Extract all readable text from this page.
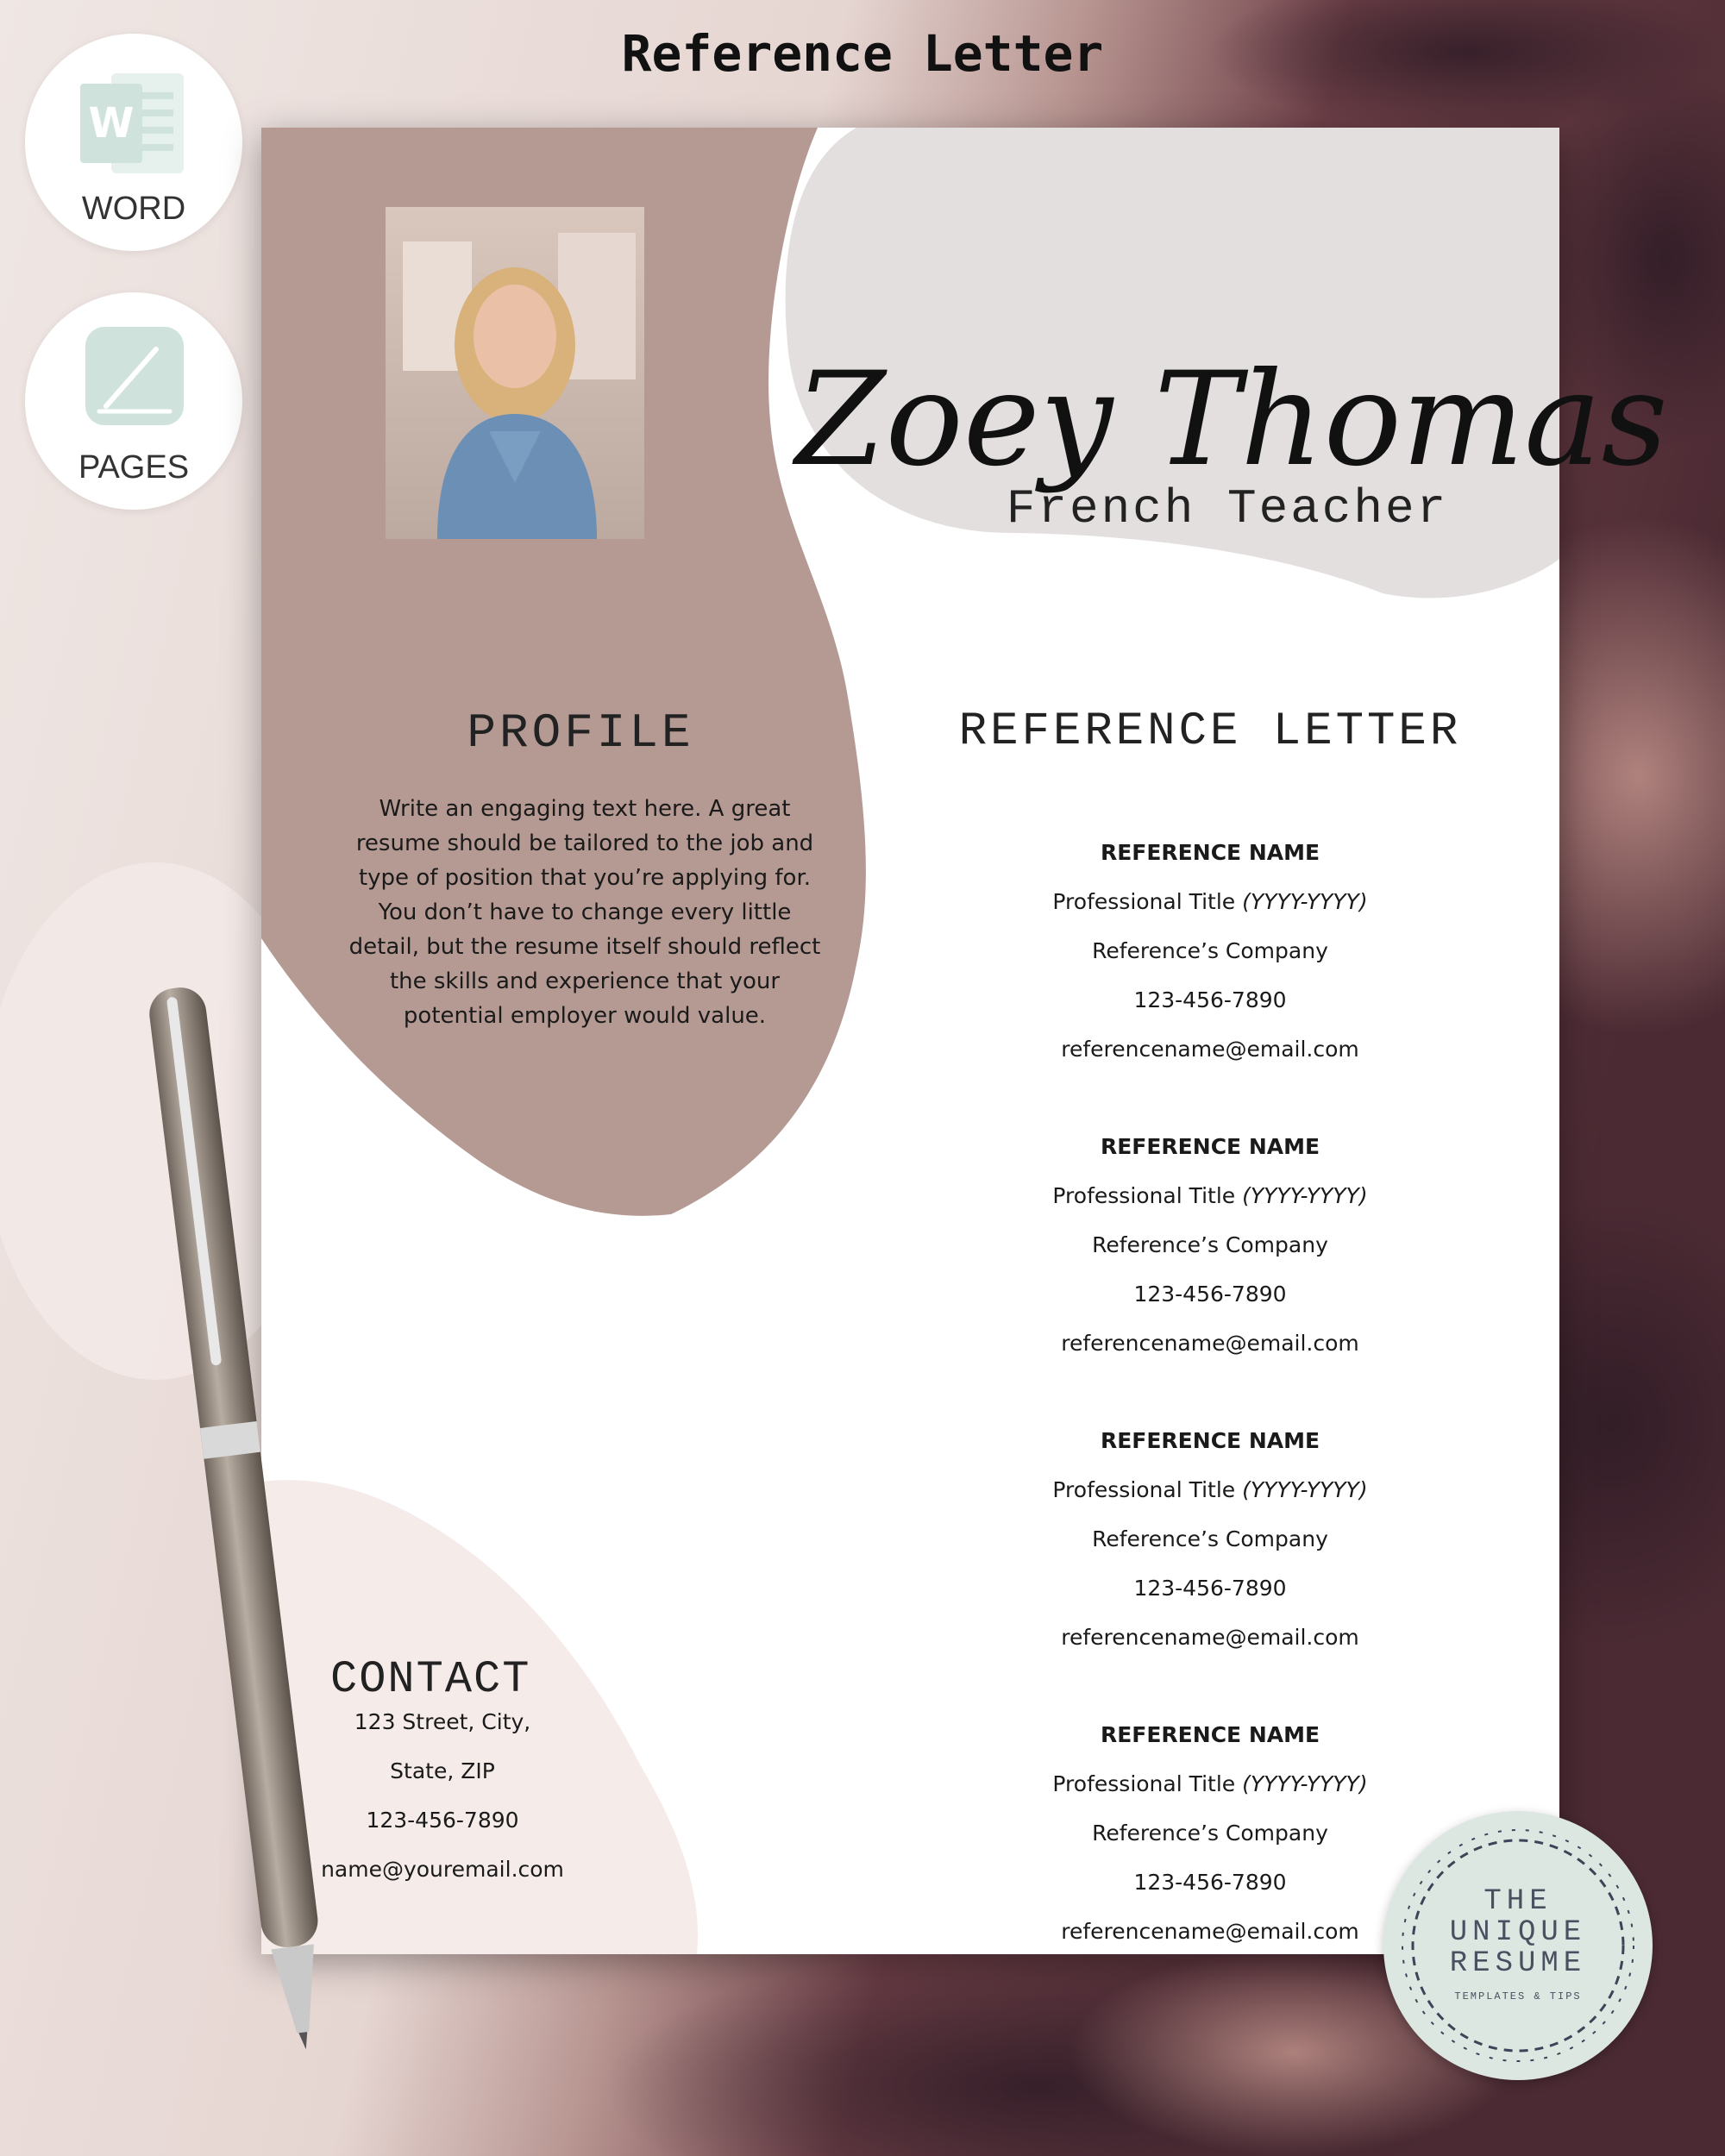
Reference Letter
W
WORD
PAGES	Zoey Thomas
French Teacher
PROFILE
Write an engaging text here. A great
resume should be tailored to the job and
type of position that you’re applying for.
You don’t have to change every little
detail, but the resume itself should reflect
the skills and experience that your
potential employer would value.
REFERENCE LETTER
REFERENCE NAME
Professional Title (YYYY-YYYY)
Reference’s Company
123-456-7890
referencename@email.com
REFERENCE NAME
Professional Title (YYYY-YYYY)
Reference’s Company
123-456-7890
referencename@email.com
REFERENCE NAME
Professional Title (YYYY-YYYY)
Reference’s Company
123-456-7890
referencename@email.com
REFERENCE NAME
Professional Title (YYYY-YYYY)
Reference’s Company
123-456-7890
referencename@email.com
CONTACT
123 Street, City,
State, ZIP
123-456-7890
name@youremail.com
THE
UNIQUE
RESUME
TEMPLATES & TIPS
